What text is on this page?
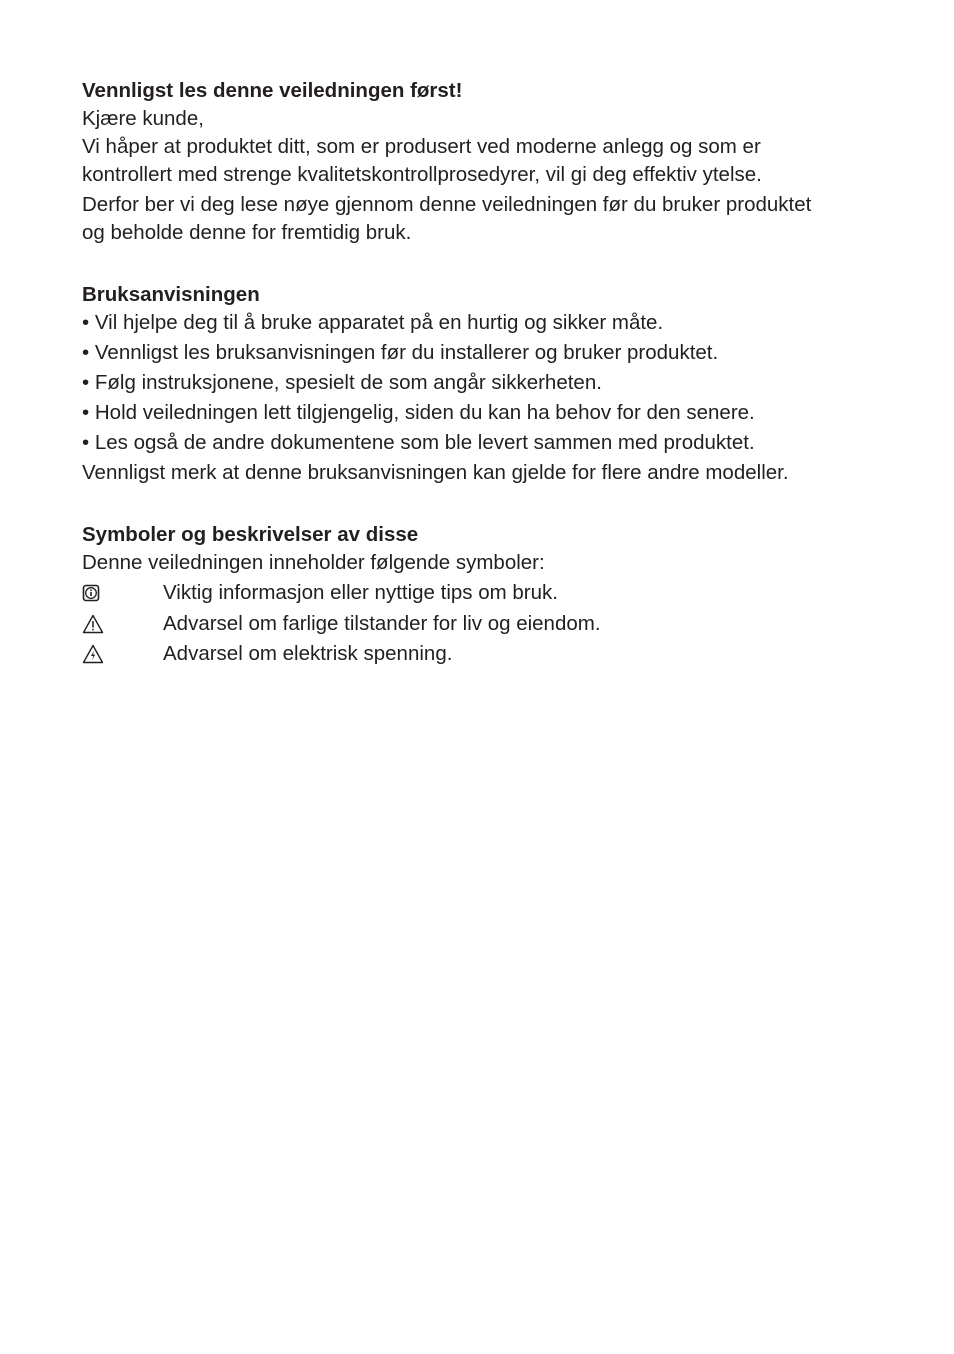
Vennligst les denne veiledningen først!

Kjære kunde,

Vi håper at produktet ditt, som er produsert ved moderne anlegg og som er

kontrollert med strenge kvalitetskontrollprosedyrer, vil gi deg effektiv ytelse.

Derfor ber vi deg lese nøye gjennom denne veiledningen før du bruker produktet

og beholde denne for fremtidig bruk.

Bruksanvisningen

• Vil hjelpe deg til å bruke apparatet på en hurtig og sikker måte.

• Vennligst les bruksanvisningen før du installerer og bruker produktet.

• Følg instruksjonene, spesielt de som angår sikkerheten.

• Hold veiledningen lett tilgjengelig, siden du kan ha behov for den senere.

• Les også de andre dokumentene som ble levert sammen med produktet.

Vennligst merk at denne bruksanvisningen kan gjelde for flere andre modeller.

Symboler og beskrivelser av disse

Denne veiledningen inneholder følgende symboler:

Viktig informasjon eller nyttige tips om bruk.
Advarsel om farlige tilstander for liv og eiendom.
Advarsel om elektrisk spenning.
